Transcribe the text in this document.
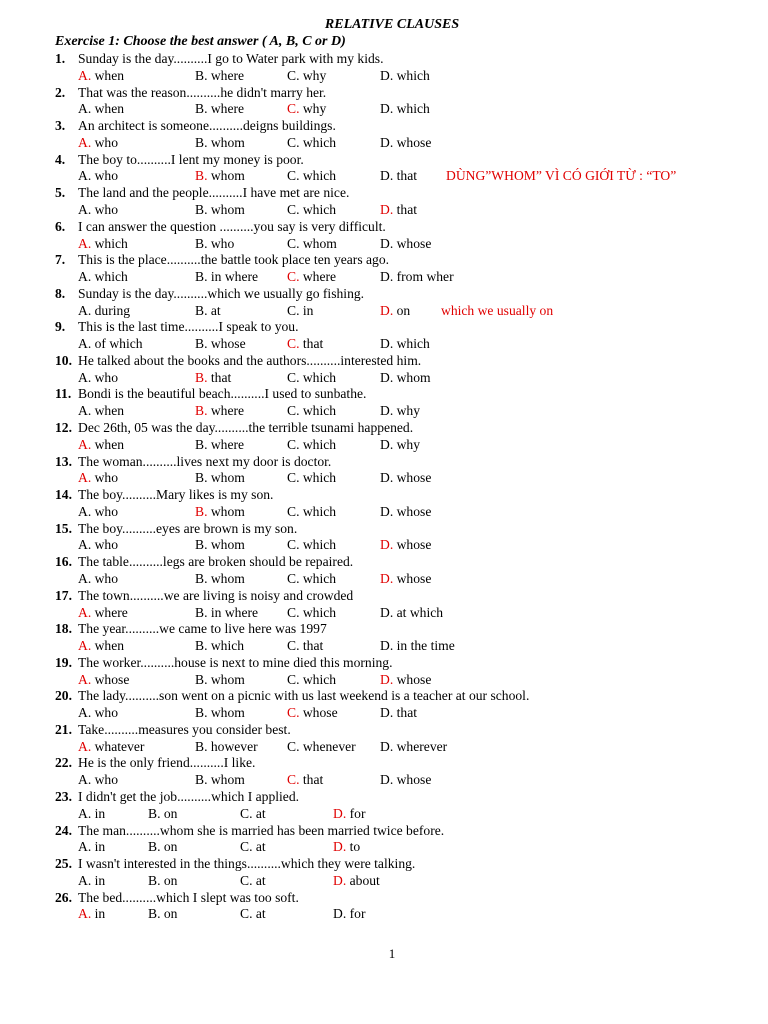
RELATIVE CLAUSES
Exercise 1: Choose the best answer ( A, B, C or D)
1. Sunday is the day..........I go to Water park with my kids.
A. when	B. where	C. why	D. which
2. That was the reason..........he didn't marry her.
A. when	B. where	C. why	D. which
3. An architect is someone..........deigns buildings.
A. who	B. whom	C. which	D. whose
4. The boy to..........I lent my money is poor.
A. who	B. whom	C. which	D. that DÙNG”WHOM” VÌ CÓ GIỚI TỪ : “TO”
5. The land and the people..........I have met are nice.
A. who	B. whom	C. which	D. that
6. I can answer the question ..........you say is very difficult.
A. which	B. who	C. whom	D. whose
7. This is the place..........the battle took place ten years ago.
A. which	B. in where C. where	D. from wher
8. Sunday is the day..........which we usually go fishing.
A. during	B. at	C. in	D. on which we usually on
9. This is the last time..........I speak to you.
A. of which	B. whose	C. that	D. which
10. He talked about the books and the authors..........interested him.
A. who	B. that	C. which	D. whom
11. Bondi is the beautiful beach..........I used to sunbathe.
A. when	B. where	C. which	D. why
12. Dec 26th, 05 was the day..........the terrible tsunami happened.
A. when	B. where	C. which	D. why
13. The woman..........lives next my door is doctor.
A. who	B. whom	C. which	D. whose
14. The boy..........Mary likes is my son.
A. who	B. whom	C. which	D. whose
15. The boy..........eyes are brown is my son.
A. who	B. whom	C. which	D. whose
16. The table..........legs are broken should be repaired.
A. who	B. whom	C. which	D. whose
17. The town..........we are living is noisy and crowded
A. where	B. in where C. which	D. at which
18. The year..........we came to live here was 1997
A. when	B. which	C. that	D. in the time
19. The worker..........house is next to mine died this morning.
A. whose	B. whom	C. which	D. whose
20. The lady..........son went on a picnic with us last weekend is a teacher at our school.
A. who	B. whom	C. whose	D. that
21. Take..........measures you consider best.
A. whatever	B. however C. whenever D. wherever
22. He is the only friend..........I like.
A. who	B. whom	C. that	D. whose
23. I didn't get the job..........which I applied.
A. in	B. on	C. at	D. for
24. The man..........whom she is married has been married twice before.
A. in	B. on	C. at	D. to
25. I wasn't interested in the things..........which they were talking.
A. in	B. on	C. at	D. about
26. The bed..........which I slept was too soft.
A. in	B. on	C. at	D. for
1
